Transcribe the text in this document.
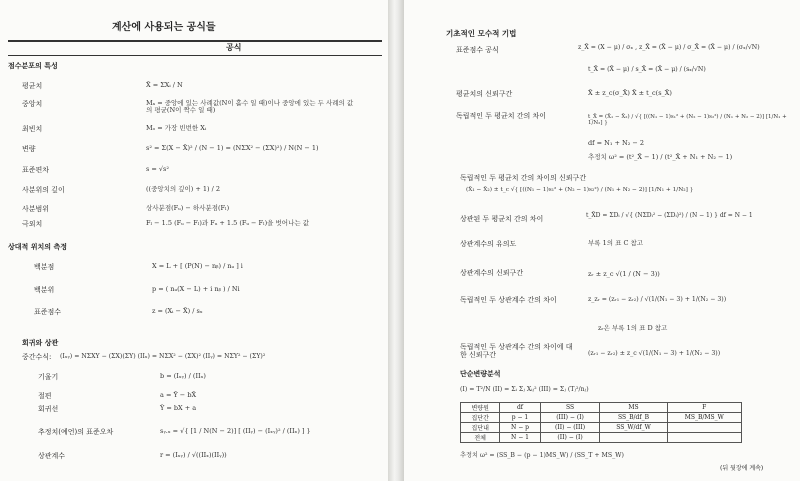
계산에 사용되는 공식들
공식
점수분포의 특성
평균치	X̄ = ΣXᵢ / N
중앙치	Mₐ = 중앙에 있는 사례값(N이 홀수 일 때)이나 중앙에 있는 두 사례의 값의 평균(N이 짝수 일 때)
최빈치	Mₒ = 가장 빈번한 Xᵢ
변량	s² = Σ(X − X̄)² / (N − 1) = (NΣX² − (ΣX)²) / N(N − 1)
표준편차	s = √s²
사분위의 깊이	((중앙치의 깊이) + 1) / 2
사분범위	상사분점(Fᵤ) − 하사분점(Fₗ)
극외치	Fₗ − 1.5 (Fᵤ − Fₗ)과 Fᵤ + 1.5 (Fᵤ − Fₗ)을 벗어나는 값
상대적 위치의 측정
백분점	X = L + [ (P(N) − nᵦ) / nᵤ ] i
백분위	p = ( nᵤ(X − L) + i nᵦ ) / Ni
표준점수	z = (Xᵢ − X̄) / sₓ
회귀와 상관
중간수식: (Iₓᵧ) = NΣXY − (ΣX)(ΣY) (IIₓ) = NΣX² − (ΣX)² (IIᵧ) = NΣY² − (ΣY)²
기울기	b = (Iₓᵧ) / (IIₓ)
절편	a = Ȳ − bX̄
회귀선	Ŷ = bX + a
추정치(예언)의 표준오차	sᵧ.ₓ = √{ [1 / N(N − 2)] [ (IIᵧ) − (Iₓᵧ)² / (IIₓ) ] }
상관계수	r = (Iₓᵧ) / √((IIₓ)(IIᵧ))
기초적인 모수적 기법
표준점수 공식	z_X̄ = (X − μ) / σₓ , z_X̄ = (X̄ − μ) / σ_X̄ = (X̄ − μ) / (σₓ/√N)
t_X̄ = (X̄ − μ) / s_X̄ = (X̄ − μ) / (sₓ/√N)
평균치의 신뢰구간	X̄ ± z_c(σ_X̄) X̄ ± t_c(s_X̄)
독립적인 두 평균치 간의 차이	t_X̄ = (X̄₁ − X̄₂) / √{ [((N₁ − 1)s₁² + (N₂ − 1)s₂²) / (N₁ + N₂ − 2)] [1/N₁ + 1/N₂] }
df = N₁ + N₂ − 2
추정치 ω² = (t²_X̄ − 1) / (t²_X̄ + N₁ + N₂ − 1)
독립적인 두 평균치 간의 차이의 신뢰구간
(X̄₁ − X̄₂) ± t_c √{ [((N₁ − 1)s₁² + (N₂ − 1)s₂²) / (N₁ + N₂ − 2)] [1/N₁ + 1/N₂] }
상관된 두 평균치 간의 차이	t_X̄D = ΣDᵢ / √{ (NΣDᵢ² − (ΣDᵢ)²) / (N − 1) } df = N − 1
상관계수의 유의도	부록 1의 표 C 참고
상관계수의 신뢰구간	zᵣ ± z_c √(1 / (N − 3))
독립적인 두 상관계수 간의 차이	z_zᵣ = (zᵣ₁ − zᵣ₂) / √(1/(N₁ − 3) + 1/(N₂ − 3))
zᵣ은 부록 1의 표 D 참고
독립적인 두 상관계수 간의 차이에 대한 신뢰구간	(zᵣ₁ − zᵣ₂) ± z_c √(1/(N₁ − 3) + 1/(N₂ − 3))
단순변량분석
(I) = T²/N (II) = Σᵢ Σⱼ Xᵢⱼ² (III) = Σⱼ (Tⱼ²/nⱼ)
변량원	df	SS	MS	F
집단간	p − 1	(III) − (I)	SS_B/df_B	MS_B/MS_W
집단내	N − p	(II) − (III)	SS_W/df_W	
전체	N − 1	(II) − (I)		
추정치 ω² = (SS_B − (p − 1)MS_W) / (SS_T + MS_W)
(뒤 뒷장에 계속)
